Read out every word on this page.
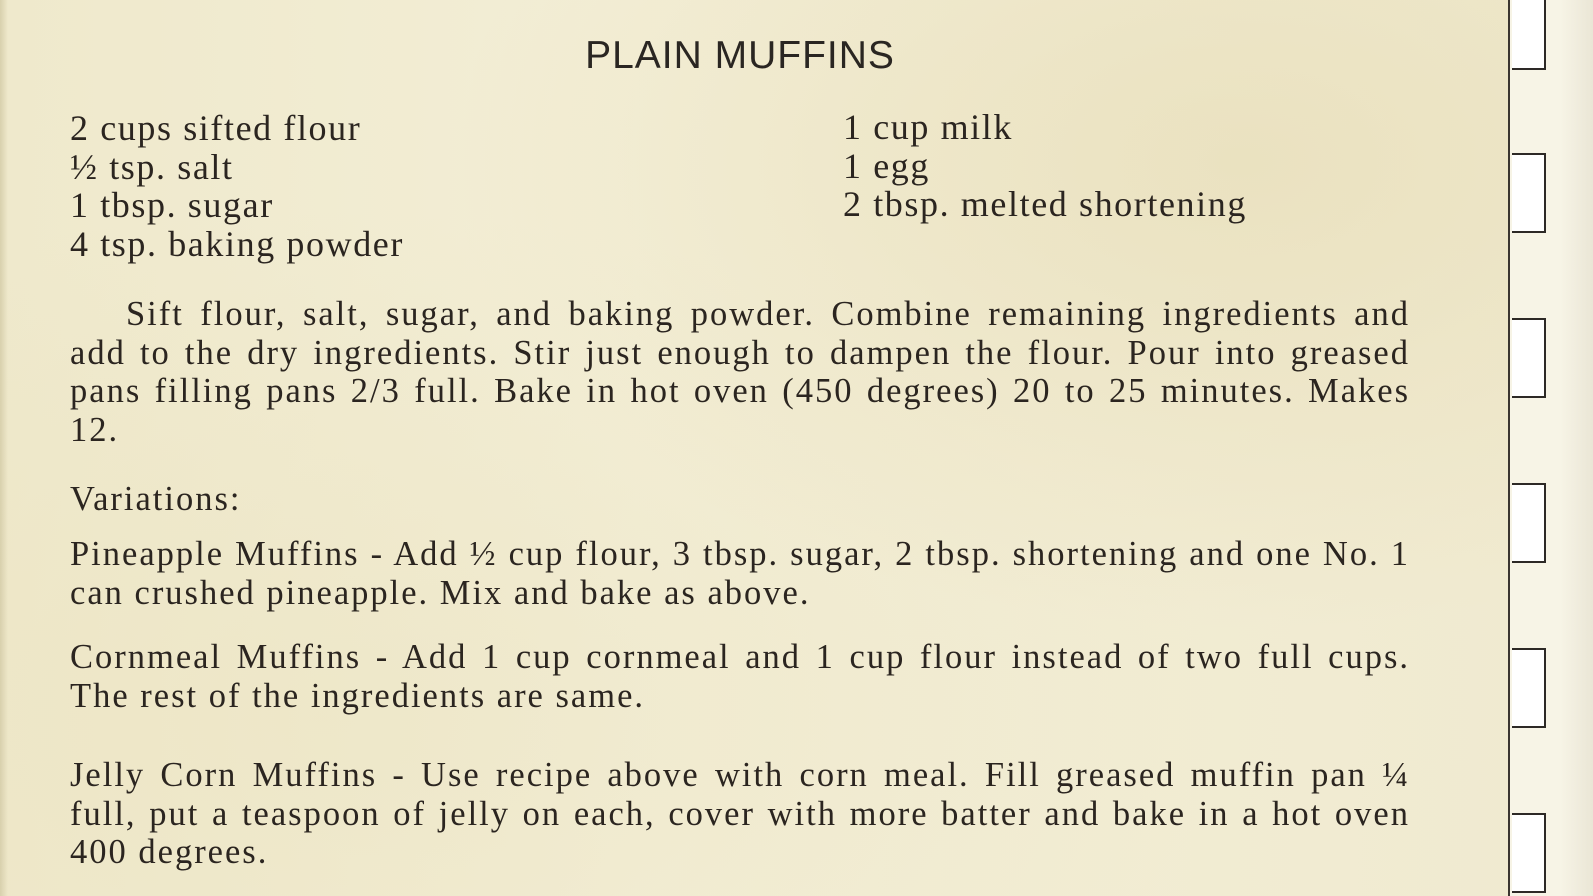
PLAIN MUFFINS
2 cups sifted flour
½ tsp. salt
1 tbsp. sugar
4 tsp. baking powder
1 cup milk
1 egg
2 tbsp. melted shortening
Sift flour, salt, sugar, and baking powder. Combine remaining ingredients and add to the dry ingredients. Stir just enough to dampen the flour. Pour into greased pans filling pans 2/3 full. Bake in hot oven (450 degrees) 20 to 25 minutes. Makes 12.
Variations:
Pineapple Muffins - Add ½ cup flour, 3 tbsp. sugar, 2 tbsp. shortening and one No. 1 can crushed pineapple. Mix and bake as above.
Cornmeal Muffins - Add 1 cup cornmeal and 1 cup flour instead of two full cups. The rest of the ingredients are same.
Jelly Corn Muffins - Use recipe above with corn meal. Fill greased muffin pan ¼ full, put a teaspoon of jelly on each, cover with more batter and bake in a hot oven 400 degrees.
